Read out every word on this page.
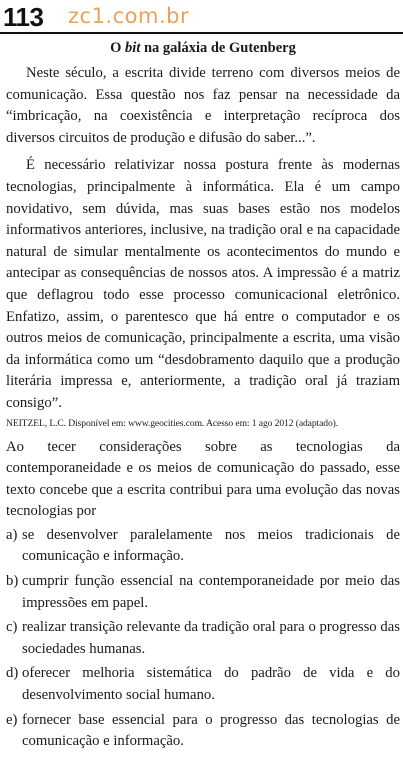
113 zc1.com.br
O bit na galáxia de Gutenberg

Neste século, a escrita divide terreno com diversos meios de comunicação. Essa questão nos faz pensar na necessidade da “imbricação, na coexistência e interpretação recíproca dos diversos circuitos de produção e difusão do saber...”.

É necessário relativizar nossa postura frente às modernas tecnologias, principalmente à informática. Ela é um campo novidativo, sem dúvida, mas suas bases estão nos modelos informativos anteriores, inclusive, na tradição oral e na capacidade natural de simular mentalmente os acontecimentos do mundo e antecipar as consequências de nossos atos. A impressão é a matriz que deflagrou todo esse processo comunicacional eletrônico. Enfatizo, assim, o parentesco que há entre o computador e os outros meios de comunicação, principalmente a escrita, uma visão da informática como um “desdobramento daquilo que a produção literária impressa e, anteriormente, a tradição oral já traziam consigo”.

NEITZEL, L.C. Disponível em: www.geocities.com. Acesso em: 1 ago 2012 (adaptado).
Ao tecer considerações sobre as tecnologias da contemporaneidade e os meios de comunicação do passado, esse texto concebe que a escrita contribui para uma evolução das novas tecnologias por
a) se desenvolver paralelamente nos meios tradicionais de comunicação e informação.
b) cumprir função essencial na contemporaneidade por meio das impressões em papel.
c) realizar transição relevante da tradição oral para o progresso das sociedades humanas.
d) oferecer melhoria sistemática do padrão de vida e do desenvolvimento social humano.
e) fornecer base essencial para o progresso das tecnologias de comunicação e informação.
